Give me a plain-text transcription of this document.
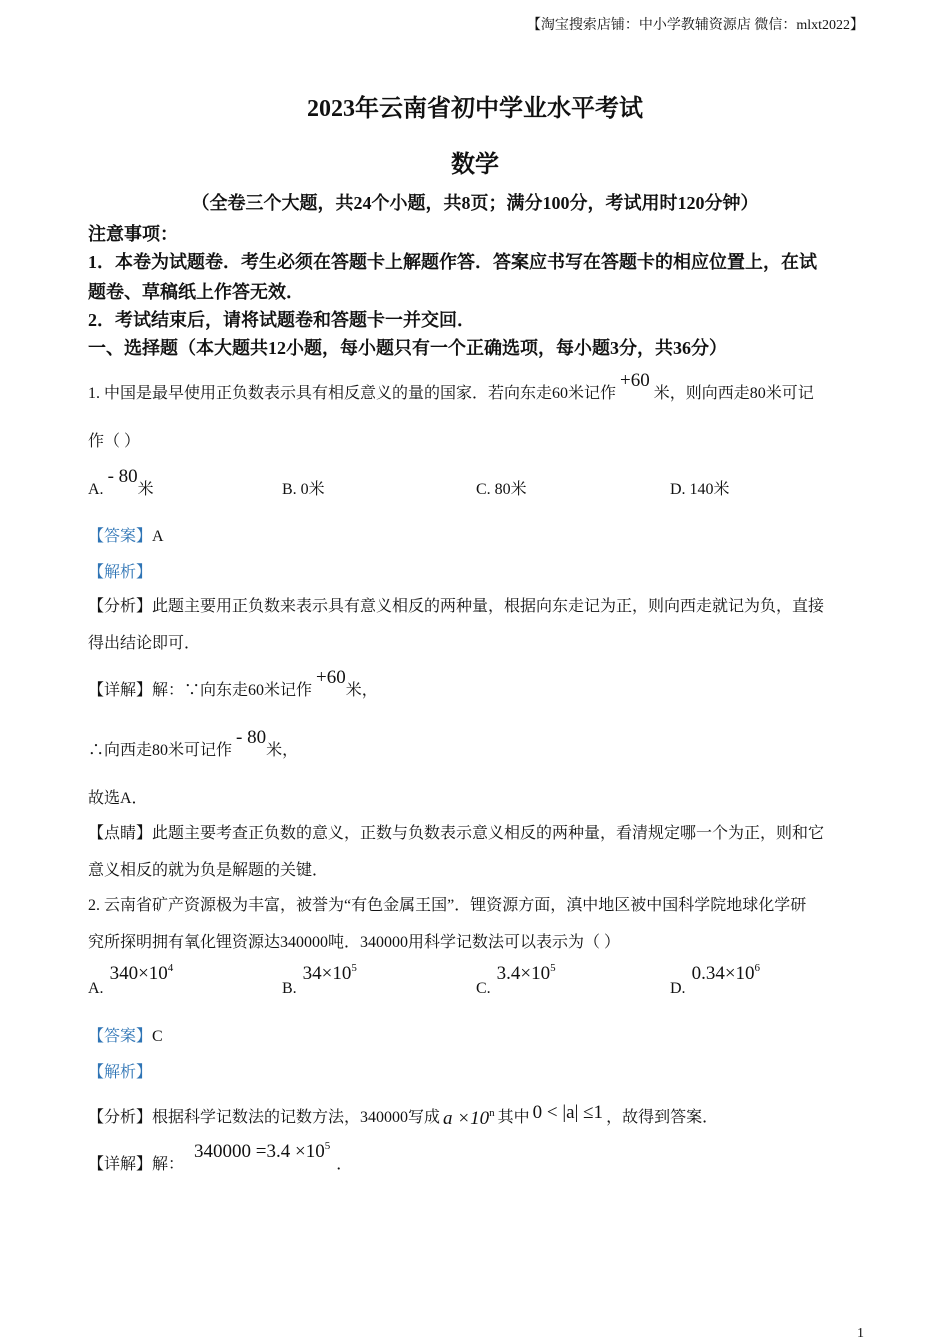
【淘宝搜索店铺：中小学教辅资源店 微信：mlxt2022】
2023年云南省初中学业水平考试
数学
（全卷三个大题，共24个小题，共8页；满分100分，考试用时120分钟）
注意事项：
1．本卷为试题卷．考生必须在答题卡上解题作答．答案应书写在答题卡的相应位置上，在试
题卷、草稿纸上作答无效．
2．考试结束后，请将试题卷和答题卡一并交回．
一、选择题（本大题共12小题，每小题只有一个正确选项，每小题3分，共36分）
1. 中国是最早使用正负数表示具有相反意义的量的国家．若向东走60米记作+60米，则向西走80米可记
作（ ）
A. - 80米	B. 0米	C. 80米	D. 140米
【答案】A
【解析】
【分析】此题主要用正负数来表示具有意义相反的两种量，根据向东走记为正，则向西走就记为负，直接
得出结论即可．
【详解】解：∵向东走60米记作+60米，
∴向西走80米可记作- 80米，
故选A．
【点睛】此题主要考查正负数的意义，正数与负数表示意义相反的两种量，看清规定哪一个为正，则和它
意义相反的就为负是解题的关键．
2. 云南省矿产资源极为丰富，被誉为“有色金属王国”．锂资源方面，滇中地区被中国科学院地球化学研
究所探明拥有氧化锂资源达340000吨．340000用科学记数法可以表示为（ ）
A. $340\times 10^4$
B. $34\times 10^5$
C. $3.4\times 10^5$
D. $0.34\times 10^6$
【答案】C
【解析】
【分析】根据科学记数法的记数方法，340000写成 $a \times 10^n$ 其中 0 < |a| ≤1 ，故得到答案．
【详解】解：$340000 =3.4 \times 10^5$．
1
